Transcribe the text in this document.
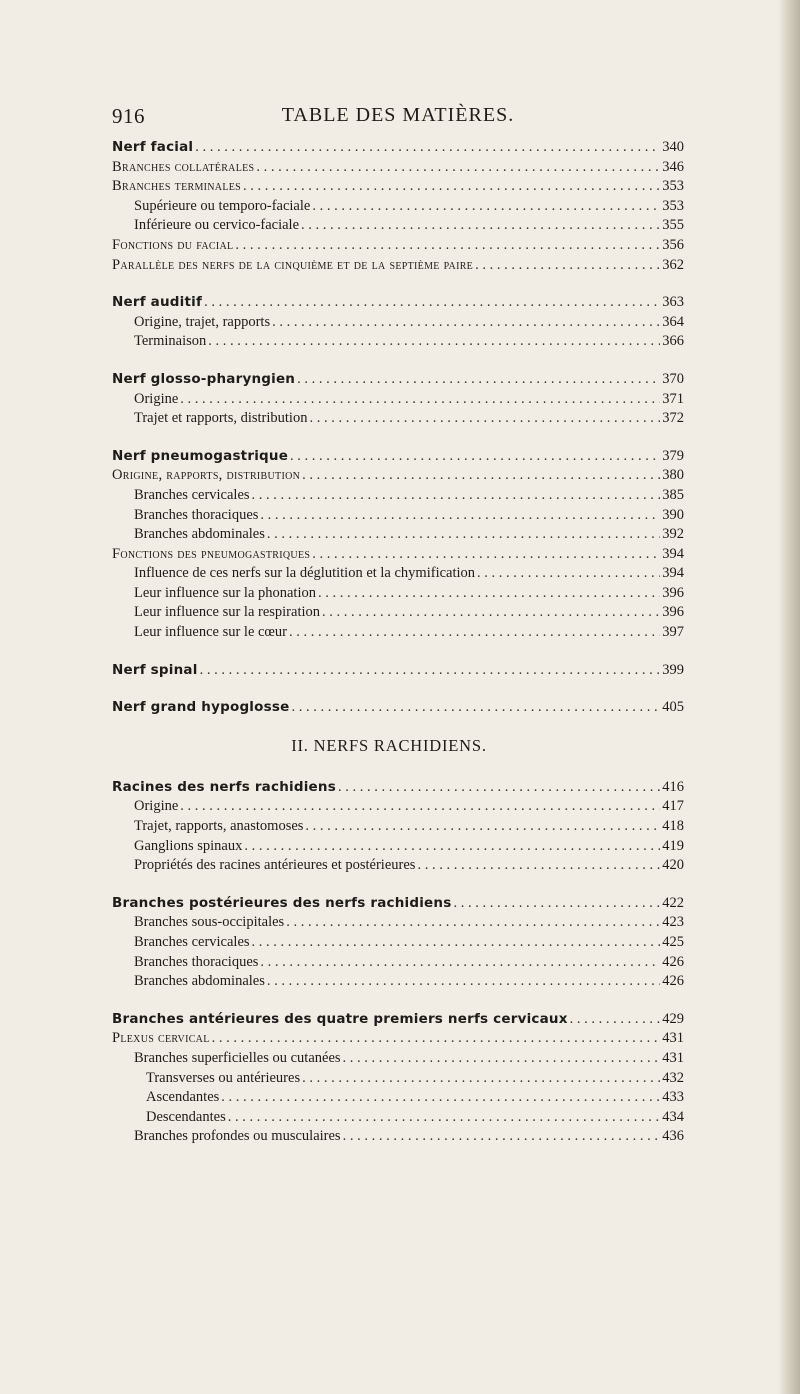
916	TABLE DES MATIÈRES.
Nerf facial . . .	340
Branches collatérales . . .	346
Branches terminales . . .	353
Supérieure ou temporo-faciale . . .	353
Inférieure ou cervico-faciale . . .	355
Fonctions du facial . . .	356
Parallèle des nerfs de la cinquième et de la septième paire . . .	362
Nerf auditif . . .	363
Origine, trajet, rapports . . .	364
Terminaison . . .	366
Nerf glosso-pharyngien . . .	370
Origine . . .	371
Trajet et rapports, distribution . . .	372
Nerf pneumogastrique . . .	379
Origine, rapports, distribution . . .	380
Branches cervicales . . .	385
Branches thoraciques . . .	390
Branches abdominales . . .	392
Fonctions des pneumogastriques . . .	394
Influence de ces nerfs sur la déglutition et la chymification . . .	394
Leur influence sur la phonation . . .	396
Leur influence sur la respiration . . .	396
Leur influence sur le cœur . . .	397
Nerf spinal . . .	399
Nerf grand hypoglosse . . .	405
II. NERFS RACHIDIENS.
Racines des nerfs rachidiens . . .	416
Origine . . .	417
Trajet, rapports, anastomoses . . .	418
Ganglions spinaux . . .	419
Propriétés des racines antérieures et postérieures . . .	420
Branches postérieures des nerfs rachidiens . . .	422
Branches sous-occipitales . . .	423
Branches cervicales . . .	425
Branches thoraciques . . .	426
Branches abdominales . . .	426
Branches antérieures des quatre premiers nerfs cervicaux . . .	429
Plexus cervical . . .	431
Branches superficielles ou cutanées . . .	431
Transverses ou antérieures . . .	432
Ascendantes . . .	433
Descendantes . . .	434
Branches profondes ou musculaires . . .	436
